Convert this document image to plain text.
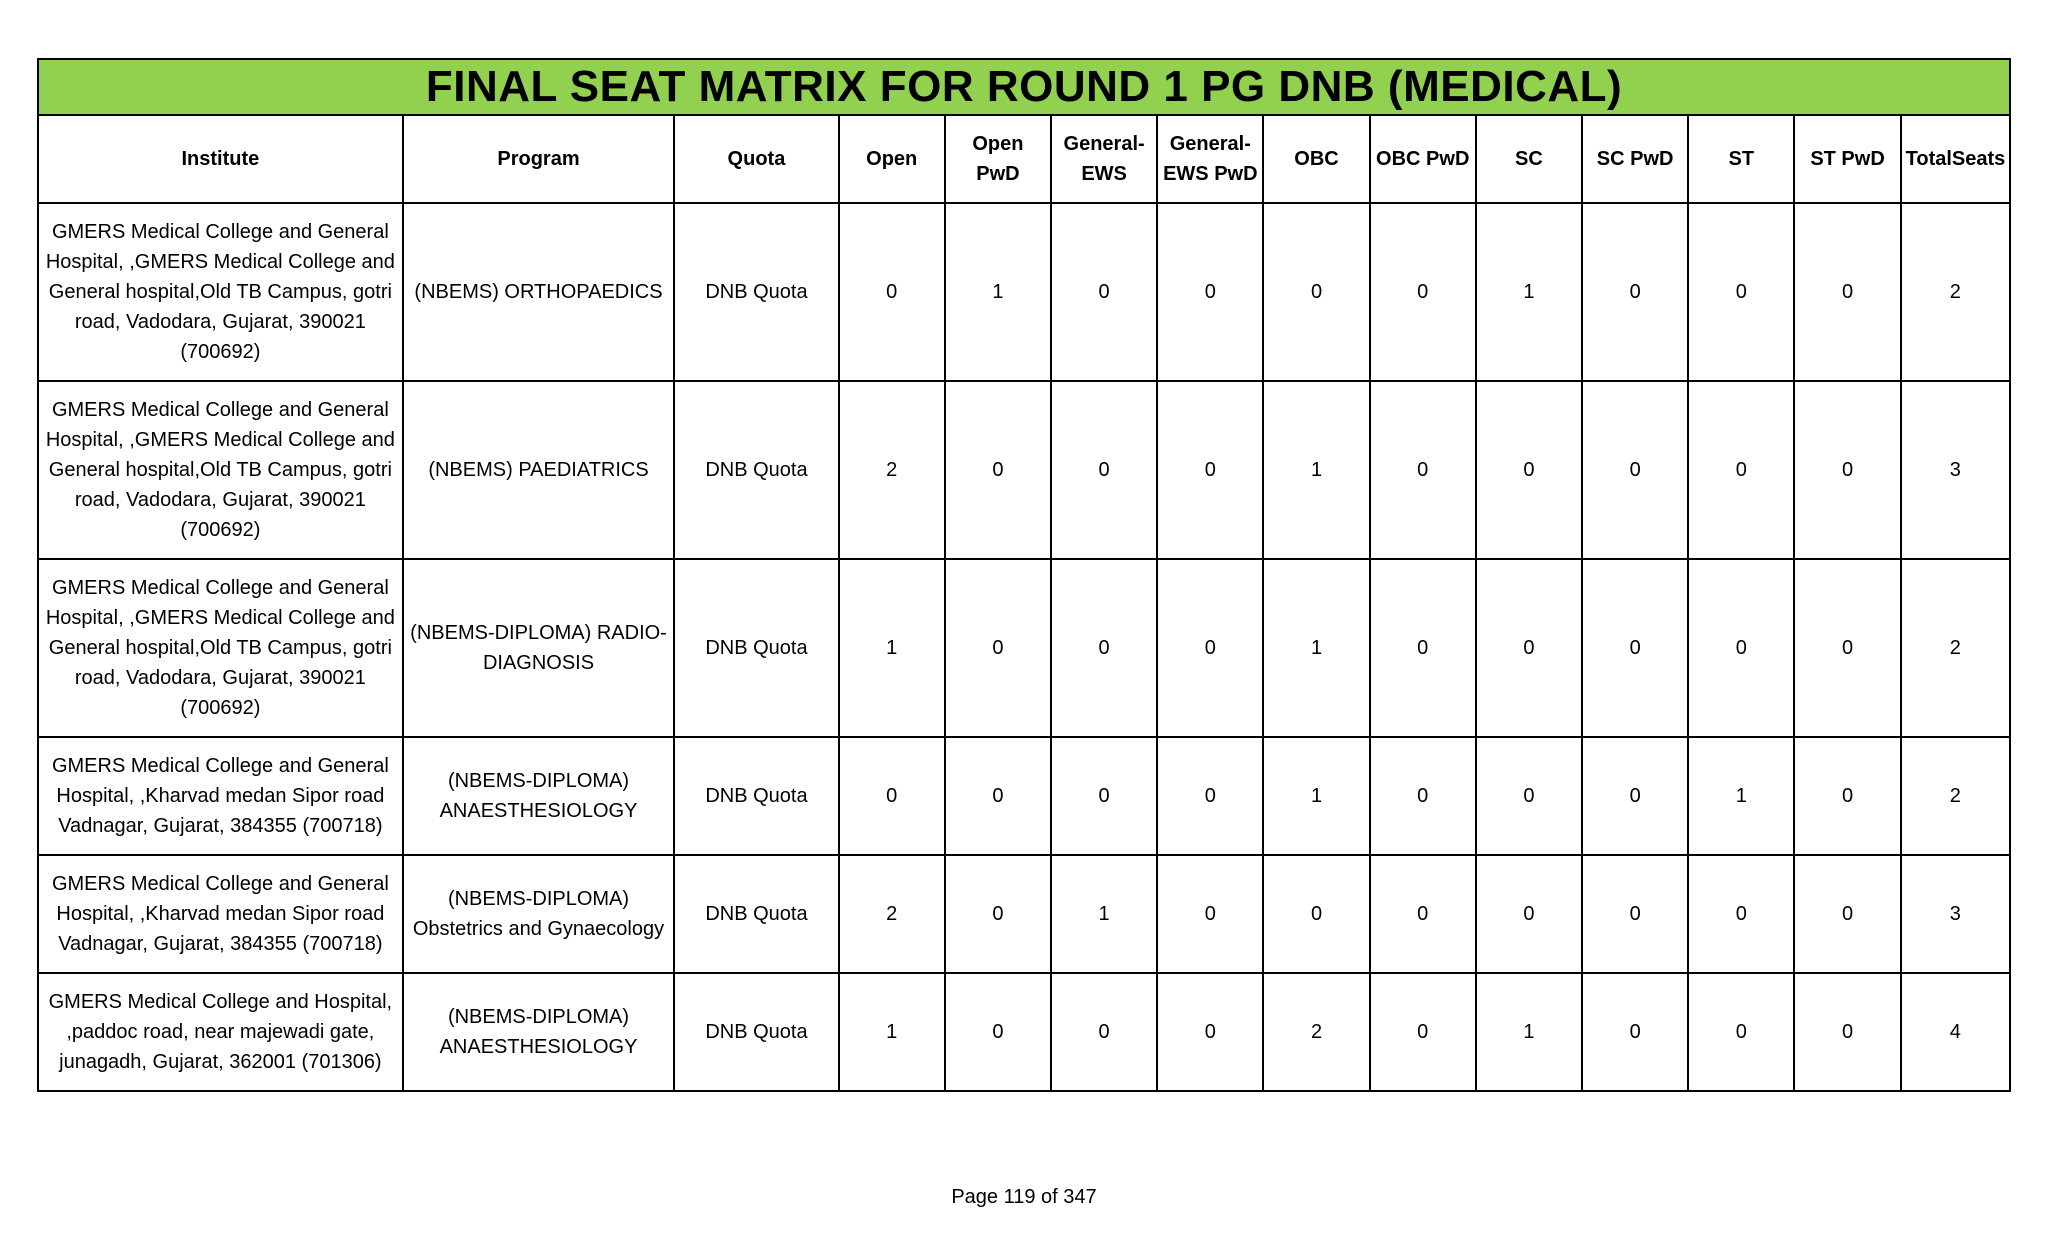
FINAL SEAT MATRIX FOR ROUND 1 PG DNB (MEDICAL)													
Institute	Program	Quota	Open	Open PwD	General-EWS	General-EWS PwD	OBC	OBC PwD	SC	SC PwD	ST	ST PwD	TotalSeats
GMERS Medical College and General Hospital, ,GMERS Medical College and General hospital,Old TB Campus, gotri road, Vadodara, Gujarat, 390021 (700692)	(NBEMS) ORTHOPAEDICS	DNB Quota	0	1	0	0	0	0	1	0	0	0	2
GMERS Medical College and General Hospital, ,GMERS Medical College and General hospital,Old TB Campus, gotri road, Vadodara, Gujarat, 390021 (700692)	(NBEMS) PAEDIATRICS	DNB Quota	2	0	0	0	1	0	0	0	0	0	3
GMERS Medical College and General Hospital, ,GMERS Medical College and General hospital,Old TB Campus, gotri road, Vadodara, Gujarat, 390021 (700692)	(NBEMS-DIPLOMA) RADIO-DIAGNOSIS	DNB Quota	1	0	0	0	1	0	0	0	0	0	2
GMERS Medical College and General Hospital, ,Kharvad medan Sipor road Vadnagar, Gujarat, 384355 (700718)	(NBEMS-DIPLOMA) ANAESTHESIOLOGY	DNB Quota	0	0	0	0	1	0	0	0	1	0	2
GMERS Medical College and General Hospital, ,Kharvad medan Sipor road Vadnagar, Gujarat, 384355 (700718)	(NBEMS-DIPLOMA) Obstetrics and Gynaecology	DNB Quota	2	0	1	0	0	0	0	0	0	0	3
GMERS Medical College and Hospital, ,paddoc road, near majewadi gate, junagadh, Gujarat, 362001 (701306)	(NBEMS-DIPLOMA) ANAESTHESIOLOGY	DNB Quota	1	0	0	0	2	0	1	0	0	0	4
Page 119 of 347
